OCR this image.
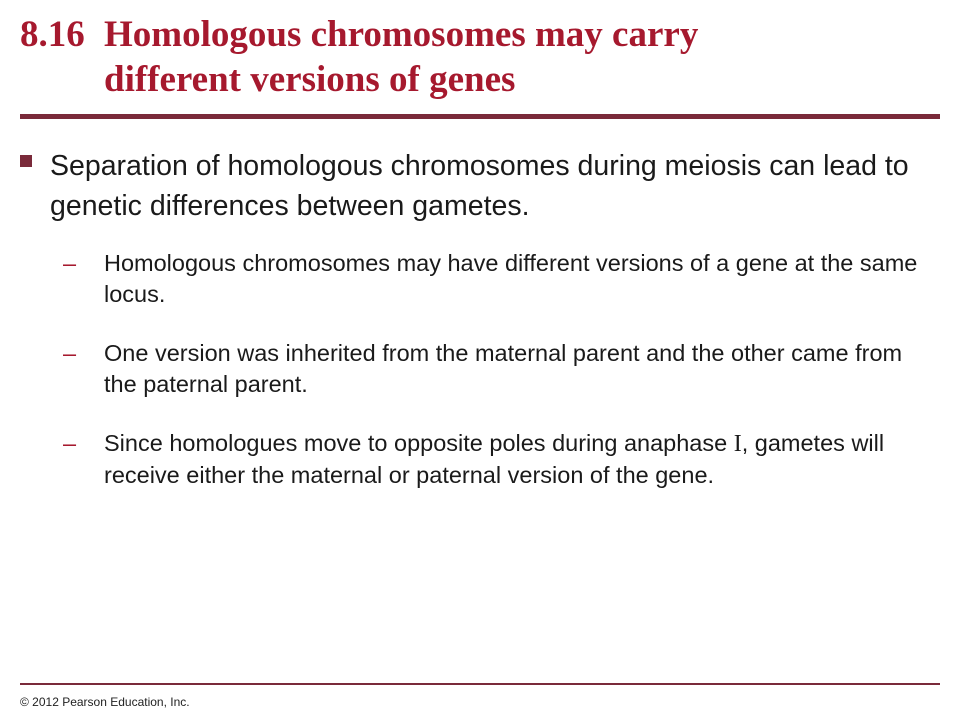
8.16 Homologous chromosomes may carry
different versions of genes

Separation of homologous chromosomes during meiosis can lead to genetic differences between gametes.

– Homologous chromosomes may have different versions of a gene at the same locus.

– One version was inherited from the maternal parent and the other came from the paternal parent.

– Since homologues move to opposite poles during anaphase I, gametes will receive either the maternal or paternal version of the gene.

© 2012 Pearson Education, Inc.
